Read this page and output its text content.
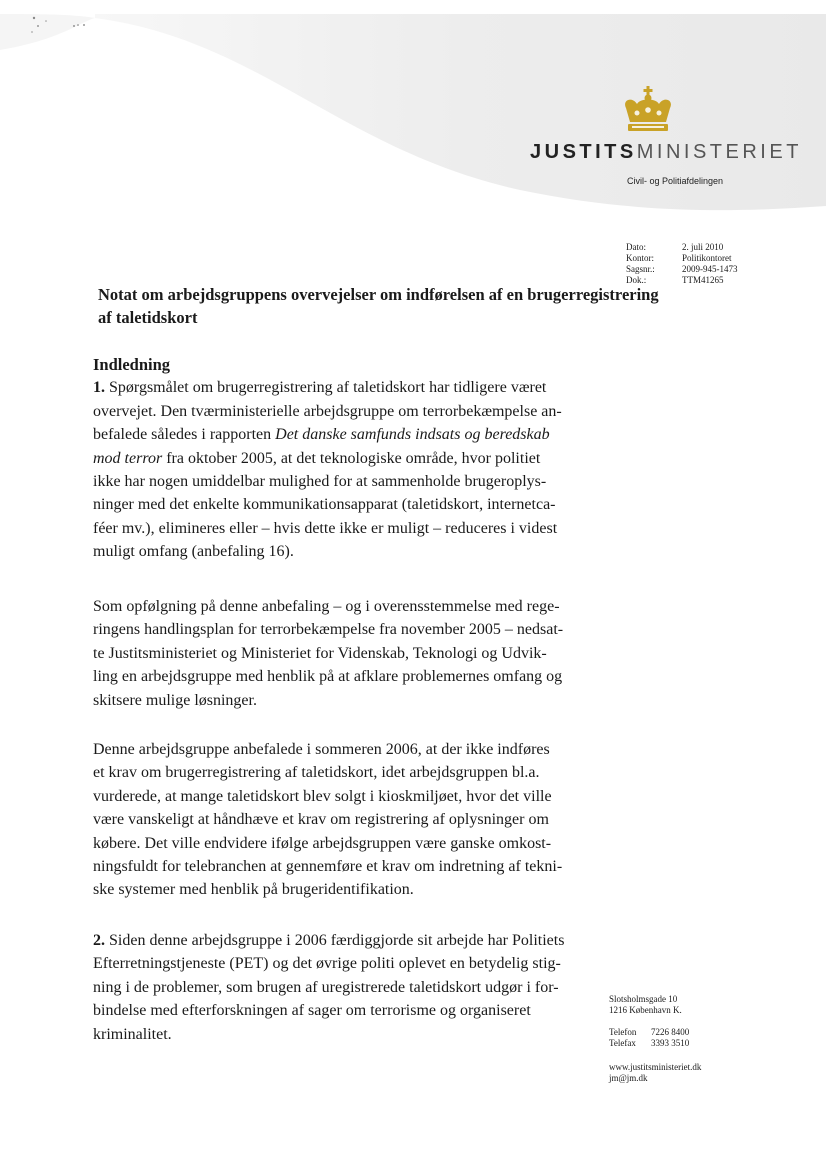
JUSTITSMINISTERIET
Civil- og Politiafdelingen
Dato:	2. juli 2010
Kontor:	Politikontoret
Sagsnr.:	2009-945-1473
Dok.:	TTM41265
Notat om arbejdsgruppens overvejelser om indførelsen af en brugerregistrering
af taletidskort
Indledning

1. Spørgsmålet om brugerregistrering af taletidskort har tidligere været

overvejet. Den tværministerielle arbejdsgruppe om terrorbekæmpelse an-

befalede således i rapporten Det danske samfunds indsats og beredskab

mod terror fra oktober 2005, at det teknologiske område, hvor politiet

ikke har nogen umiddelbar mulighed for at sammenholde brugeroplys-

ninger med det enkelte kommunikationsapparat (taletidskort, internetca-

féer mv.), elimineres eller – hvis dette ikke er muligt – reduceres i videst

muligt omfang (anbefaling 16).

Som opfølgning på denne anbefaling – og i overensstemmelse med rege-

ringens handlingsplan for terrorbekæmpelse fra november 2005 – nedsat-

te Justitsministeriet og Ministeriet for Videnskab, Teknologi og Udvik-

ling en arbejdsgruppe med henblik på at afklare problemernes omfang og

skitsere mulige løsninger.

Denne arbejdsgruppe anbefalede i sommeren 2006, at der ikke indføres

et krav om brugerregistrering af taletidskort, idet arbejdsgruppen bl.a.

vurderede, at mange taletidskort blev solgt i kioskmiljøet, hvor det ville

være vanskeligt at håndhæve et krav om registrering af oplysninger om

købere. Det ville endvidere ifølge arbejdsgruppen være ganske omkost-

ningsfuldt for telebranchen at gennemføre et krav om indretning af tekni-

ske systemer med henblik på brugeridentifikation.

2. Siden denne arbejdsgruppe i 2006 færdiggjorde sit arbejde har Politiets

Efterretningstjeneste (PET) og det øvrige politi oplevet en betydelig stig-

ning i de problemer, som brugen af uregistrerede taletidskort udgør i for-

bindelse med efterforskningen af sager om terrorisme og organiseret

kriminalitet.

Slotsholmsgade 10
1216 København K.
Telefon	7226 8400
Telefax	3393 3510
www.justitsministeriet.dk
jm@jm.dk
